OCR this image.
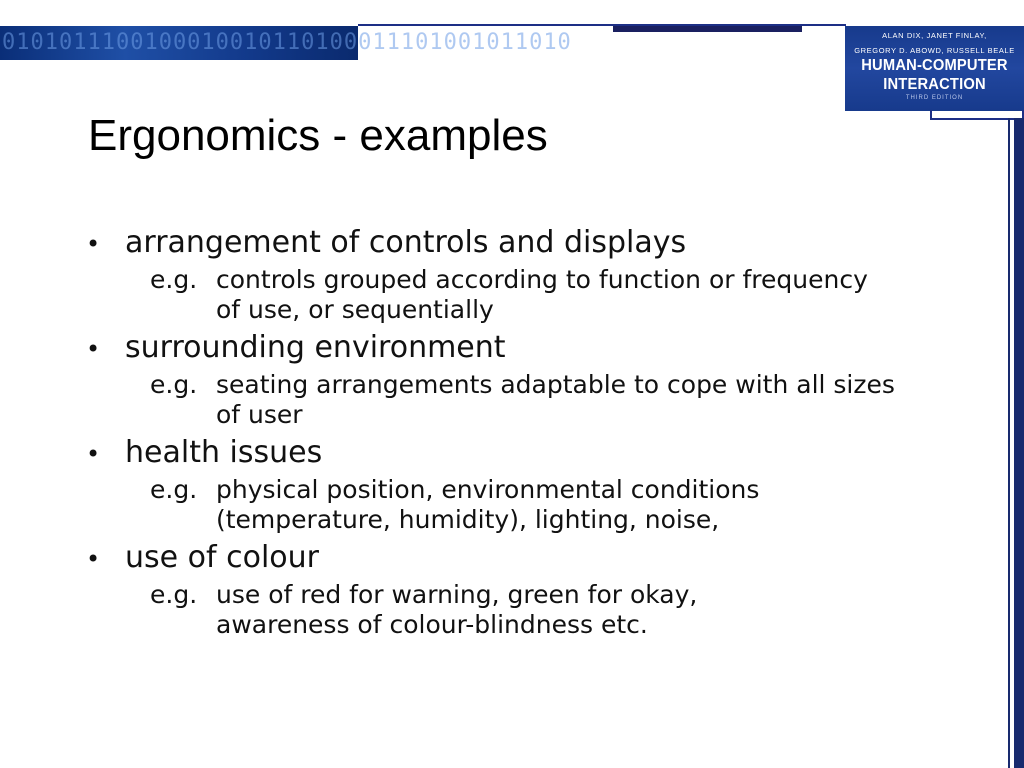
0101011100100010010110100011101001011010	ALAN DIX, JANET FINLAY,
GREGORY D. ABOWD, RUSSELL BEALE
HUMAN-COMPUTER
INTERACTION
THIRD EDITION
Ergonomics - examples
• arrangement of controls and displays
e.g. controls grouped according to function or frequency
of use, or sequentially
• surrounding environment
e.g. seating arrangements adaptable to cope with all sizes
of user
• health issues
e.g. physical position, environmental conditions
(temperature, humidity), lighting, noise,
• use of colour
e.g. use of red for warning, green for okay,
awareness of colour-blindness etc.
